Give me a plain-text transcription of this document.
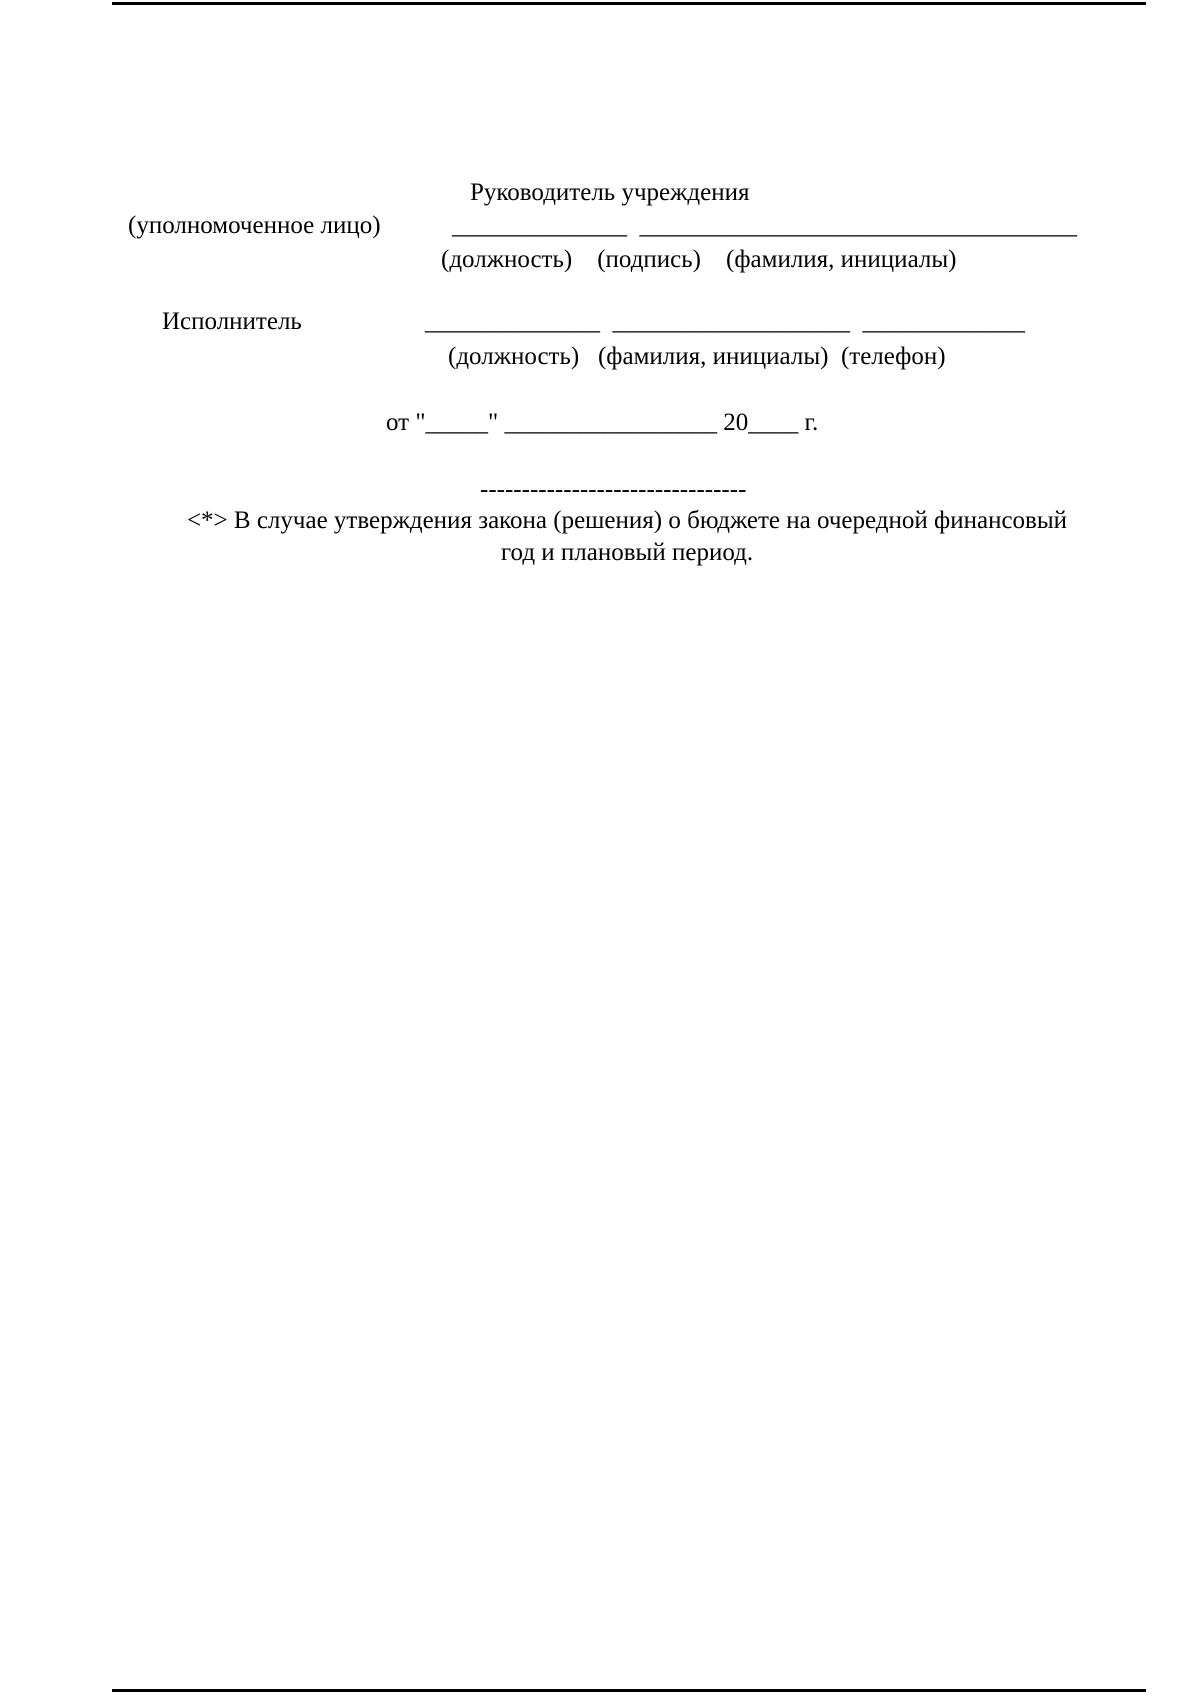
Руководитель учреждения
(уполномоченное лицо)	______________  ___________________________________
(должность)    (подпись)    (фамилия, инициалы)
Исполнитель	______________  ___________________  _____________
(должность)   (фамилия, инициалы)  (телефон)
от "_____" _________________ 20____ г.
--------------------------------
<*> В случае утверждения закона (решения) о бюджете на очередной финансовый
год и плановый период.
